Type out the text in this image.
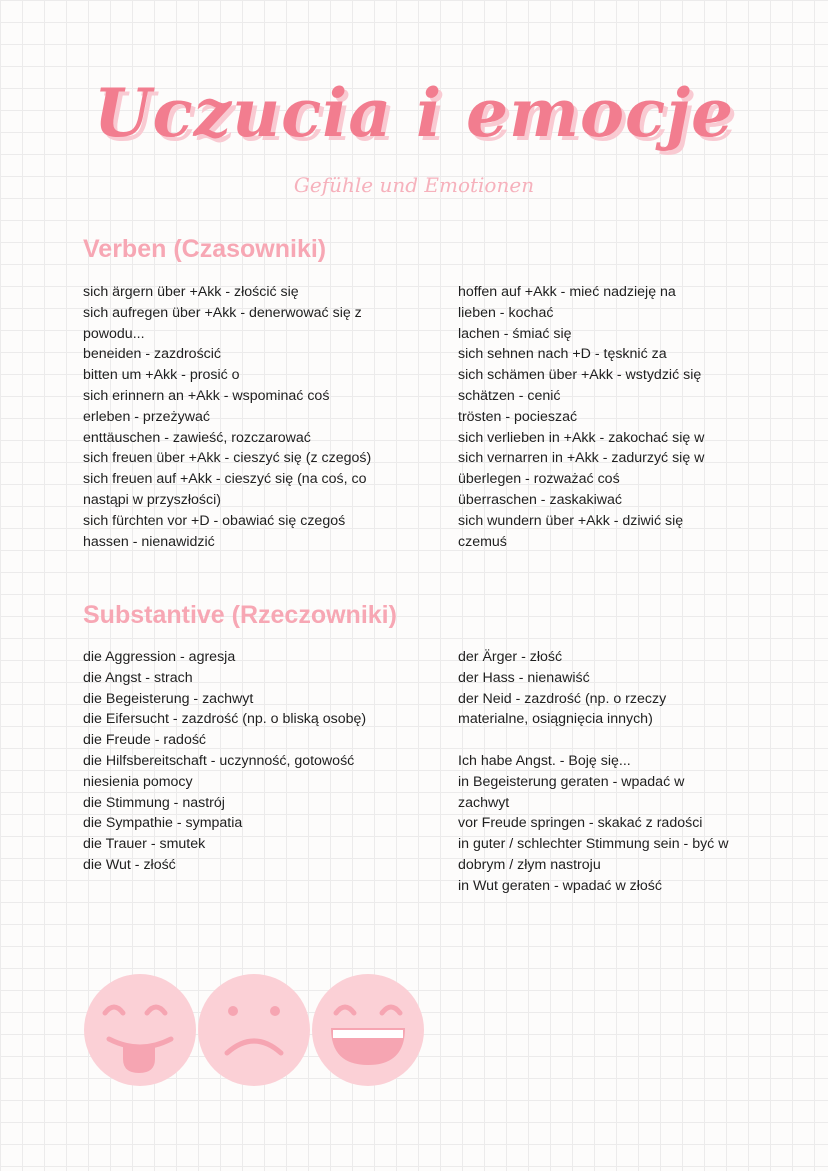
Uczucia i emocje
Gefühle und Emotionen
Verben (Czasowniki)
sich ärgern über +Akk - złościć się
sich aufregen über +Akk - denerwować się z powodu...
beneiden - zazdrościć
bitten um +Akk - prosić o
sich erinnern an +Akk - wspominać coś
erleben - przeżywać
enttäuschen - zawieść, rozczarować
sich freuen über +Akk - cieszyć się (z czegoś)
sich freuen auf +Akk - cieszyć się (na coś, co nastąpi w przyszłości)
sich fürchten vor +D - obawiać się czegoś
hassen - nienawidzić
hoffen auf +Akk - mieć nadzieję na
lieben - kochać
lachen - śmiać się
sich sehnen nach +D - tęsknić za
sich schämen über +Akk - wstydzić się
schätzen - cenić
trösten - pocieszać
sich verlieben in +Akk - zakochać się w
sich vernarren in +Akk - zadurzyć się w
überlegen - rozważać coś
überraschen - zaskakiwać
sich wundern über +Akk - dziwić się czemuś
Substantive (Rzeczowniki)
die Aggression - agresja
die Angst - strach
die Begeisterung - zachwyt
die Eifersucht - zazdrość (np. o bliską osobę)
die Freude - radość
die Hilfsbereitschaft - uczynność, gotowość niesienia pomocy
die Stimmung - nastrój
die Sympathie - sympatia
die Trauer - smutek
die Wut - złość
der Ärger - złość
der Hass - nienawiść
der Neid - zazdrość (np. o rzeczy materialne, osiągnięcia innych)
Ich habe Angst. - Boję się...
in Begeisterung geraten - wpadać w zachwyt
vor Freude springen - skakać z radości
in guter / schlechter Stimmung sein - być w dobrym / złym nastroju
in Wut geraten - wpadać w złość
